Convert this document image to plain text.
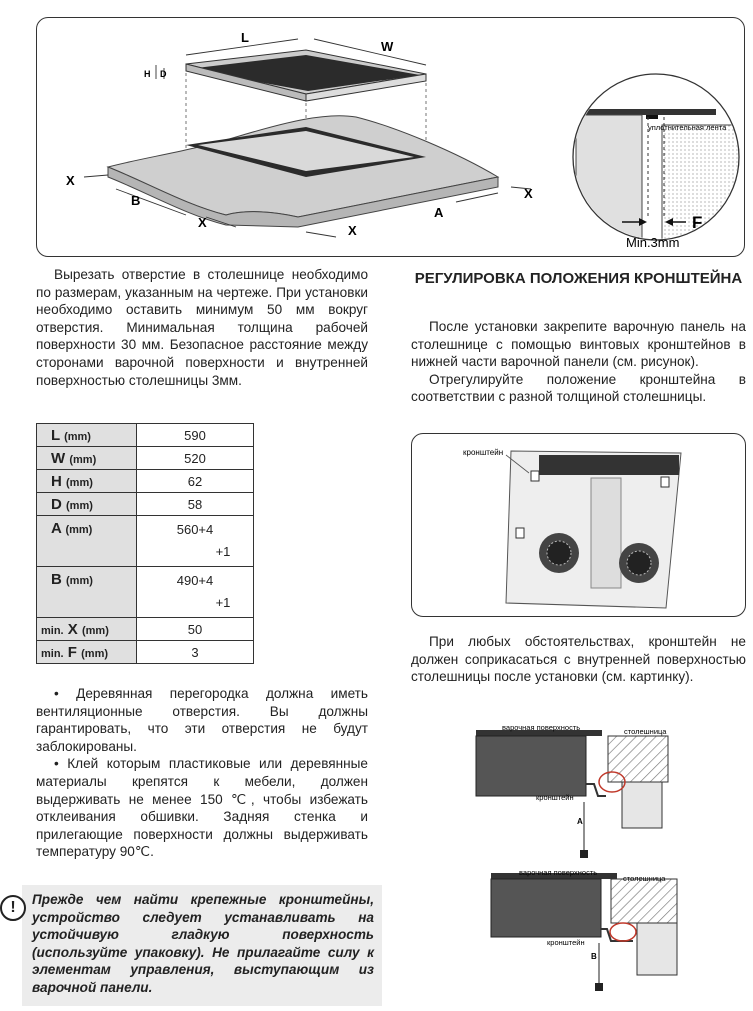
L
W
H D
X
B
X
X
A
X
уплотнительная лента
F
Min.3mm

Вырезать отверстие в столешнице необходимо по размерам, указанным на чертеже. При установки необходимо оставить минимум 50 мм вокруг отверстия. Минимальная толщина рабочей поверхности 30 мм. Безопасное расстояние между сторонами варочной поверхности и внутренней поверхностью столешницы 3мм.

L (mm)	590
W (mm)	520
H (mm)	62
D (mm)	58
A (mm)	560+4
+1

B (mm)	490+4
+1

min. X (mm)	50
min. F (mm)	3

• Деревянная перегородка должна иметь вентиляционные отверстия. Вы должны гарантировать, что эти отверстия не будут заблокированы.

• Клей которым пластиковые или деревянные материалы крепятся к мебели, должен выдерживать не менее 150 ℃, чтобы избежать отклеивания обшивки. Задняя стенка и прилегающие поверхности должны выдерживать температуру 90℃.

Прежде чем найти крепежные кронштейны, устройство следует устанавливать на устойчивую гладкую поверхность (используйте упаковку). Не прилагайте силу к элементам управления, выступающим из варочной панели.

!
РЕГУЛИРОВКА ПОЛОЖЕНИЯ КРОНШТЕЙНА

После установки закрепите варочную панель на столешнице с помощью винтовых кронштейнов в нижней части варочной панели (см. рисунок).

Отрегулируйте положение кронштейна в соответствии с разной толщиной столешницы.

кронштейн

При любых обстоятельствах, кронштейн не должен соприкасаться с внутренней поверхностью столешницы после установки (см. картинку).

варочная поверхность	столешница
кронштейн
A
варочная поверхность
столешница
кронштейн
B
